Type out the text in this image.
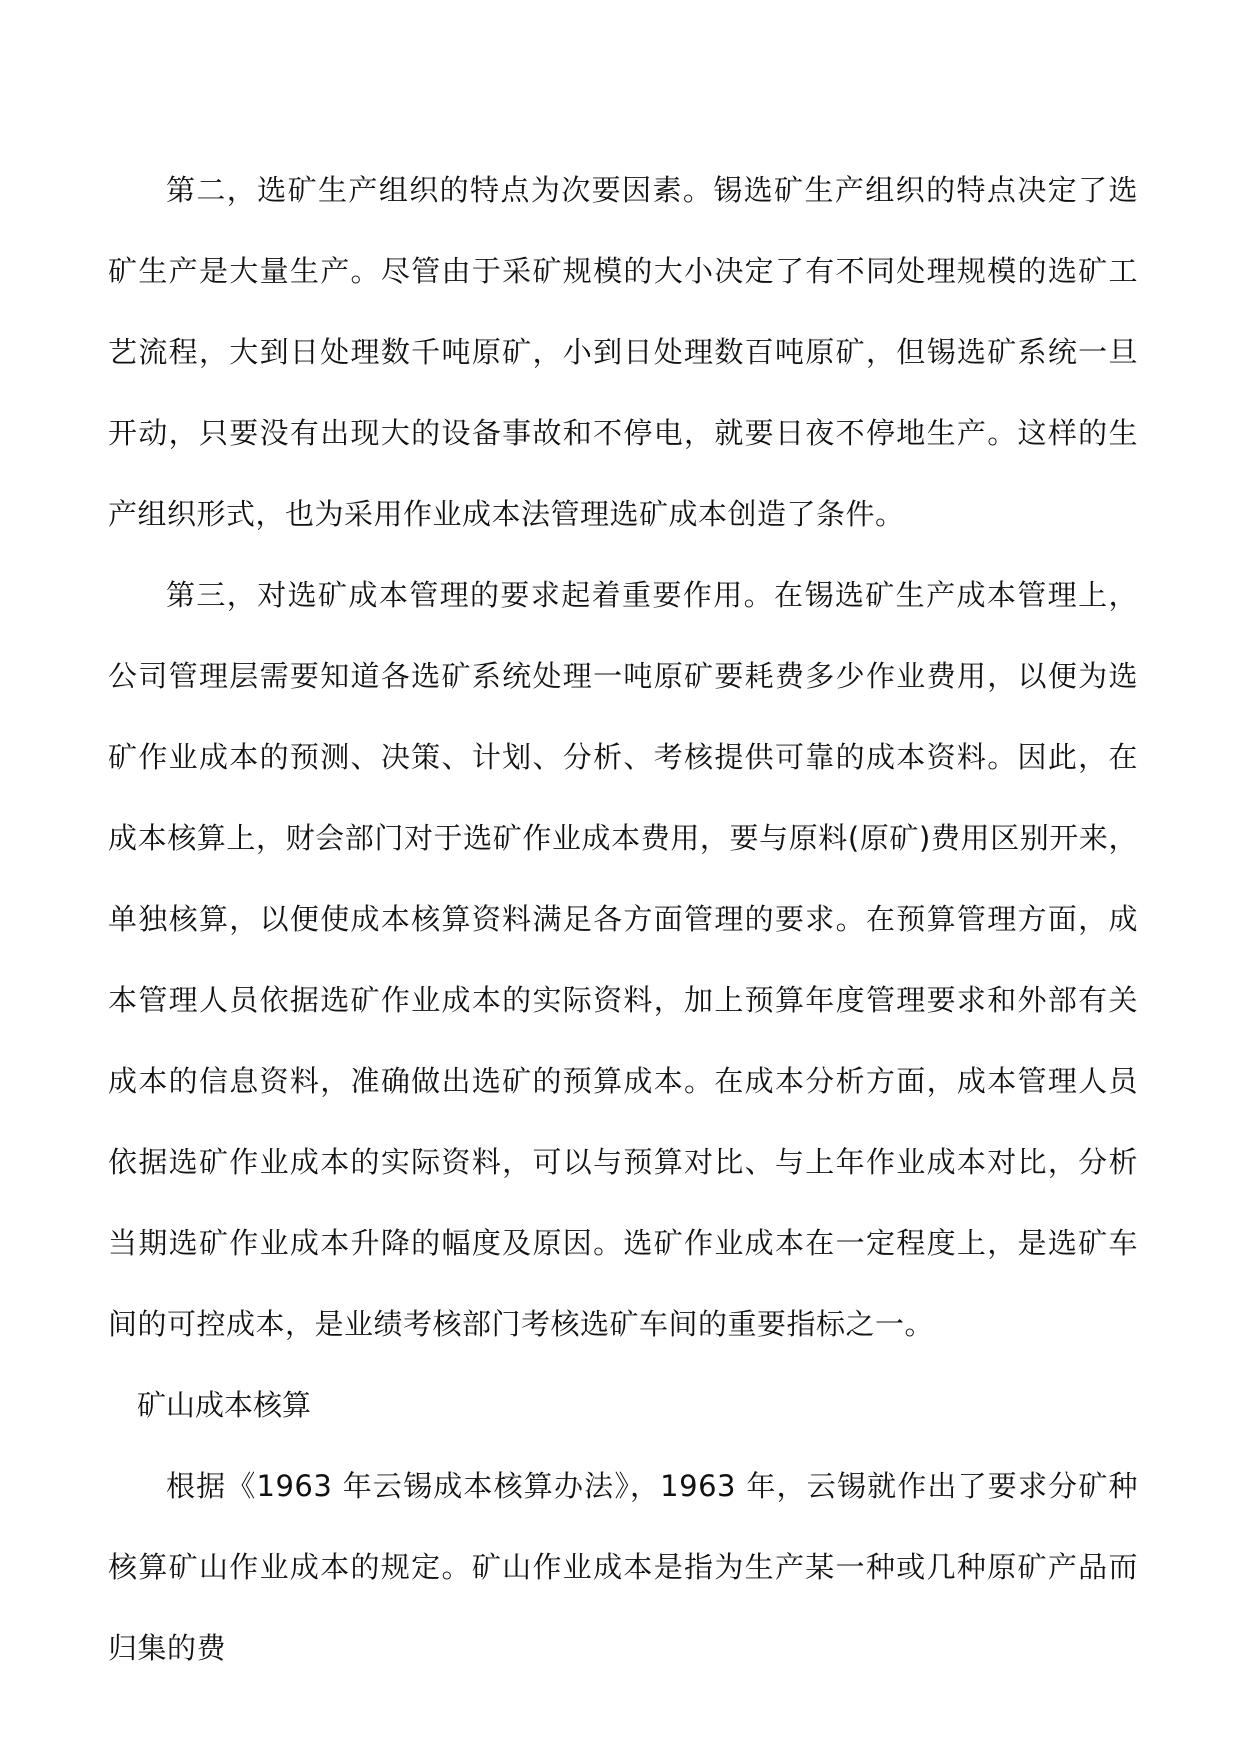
第二，选矿生产组织的特点为次要因素。锡选矿生产组织的特点决定了选矿生产是大量生产。尽管由于采矿规模的大小决定了有不同处理规模的选矿工艺流程，大到日处理数千吨原矿，小到日处理数百吨原矿，但锡选矿系统一旦开动，只要没有出现大的设备事故和不停电，就要日夜不停地生产。这样的生产组织形式，也为采用作业成本法管理选矿成本创造了条件。

第三，对选矿成本管理的要求起着重要作用。在锡选矿生产成本管理上，公司管理层需要知道各选矿系统处理一吨原矿要耗费多少作业费用，以便为选矿作业成本的预测、决策、计划、分析、考核提供可靠的成本资料。因此，在成本核算上，财会部门对于选矿作业成本费用，要与原料(原矿)费用区别开来，单独核算，以便使成本核算资料满足各方面管理的要求。在预算管理方面，成本管理人员依据选矿作业成本的实际资料，加上预算年度管理要求和外部有关成本的信息资料，准确做出选矿的预算成本。在成本分析方面，成本管理人员依据选矿作业成本的实际资料，可以与预算对比、与上年作业成本对比，分析当期选矿作业成本升降的幅度及原因。选矿作业成本在一定程度上，是选矿车间的可控成本，是业绩考核部门考核选矿车间的重要指标之一。

矿山成本核算

根据《1963 年云锡成本核算办法》，1963 年，云锡就作出了要求分矿种核算矿山作业成本的规定。矿山作业成本是指为生产某一种或几种原矿产品而归集的费
